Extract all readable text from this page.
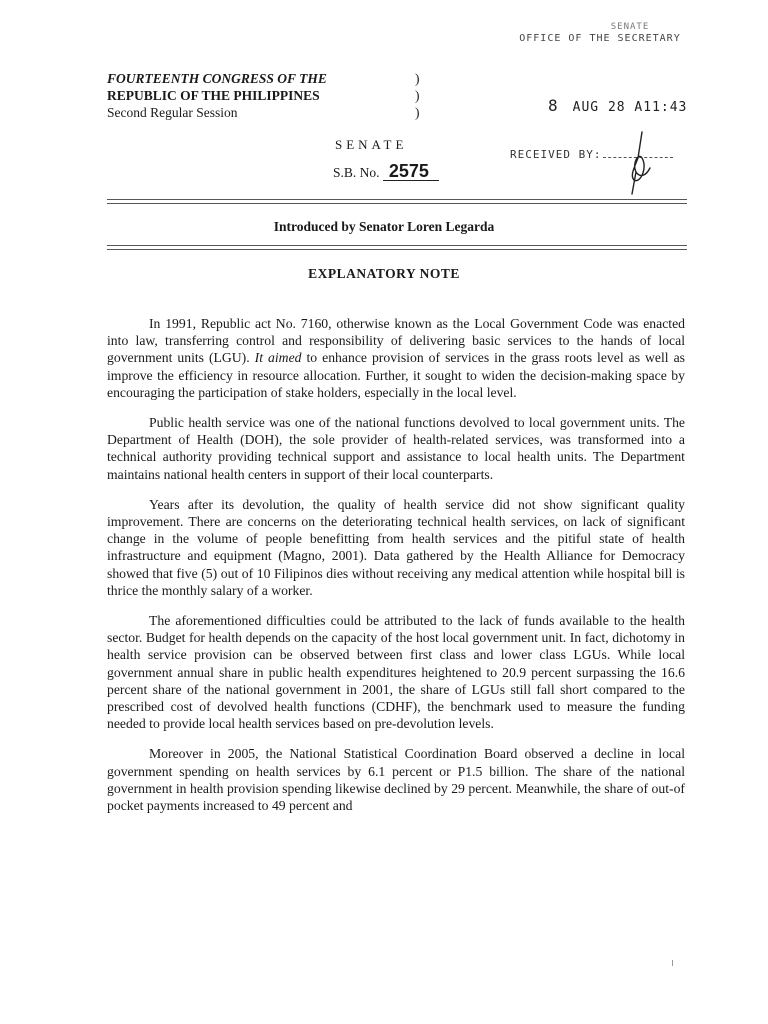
SENATE
OFFICE OF THE SECRETARY
FOURTEENTH CONGRESS OF THE	)
REPUBLIC OF THE PHILIPPINES	)
Second Regular Session	)	8 AUG 28 A11:43
SENATE
S.B. No. 2575
RECEIVED BY:
Introduced by Senator Loren Legarda
EXPLANATORY NOTE

In 1991, Republic act No. 7160, otherwise known as the Local Government Code was enacted into law, transferring control and responsibility of delivering basic services to the hands of local government units (LGU). It aimed to enhance provision of services in the grass roots level as well as improve the efficiency in resource allocation. Further, it sought to widen the decision-making space by encouraging the participation of stake holders, especially in the local level.

Public health service was one of the national functions devolved to local government units. The Department of Health (DOH), the sole provider of health-related services, was transformed into a technical authority providing technical support and assistance to local health units. The Department maintains national health centers in support of their local counterparts.

Years after its devolution, the quality of health service did not show significant quality improvement. There are concerns on the deteriorating technical health services, on lack of significant change in the volume of people benefitting from health services and the pitiful state of health infrastructure and equipment (Magno, 2001). Data gathered by the Health Alliance for Democracy showed that five (5) out of 10 Filipinos dies without receiving any medical attention while hospital bill is thrice the monthly salary of a worker.

The aforementioned difficulties could be attributed to the lack of funds available to the health sector. Budget for health depends on the capacity of the host local government unit. In fact, dichotomy in health service provision can be observed between first class and lower class LGUs. While local government annual share in public health expenditures heightened to 20.9 percent surpassing the 16.6 percent share of the national government in 2001, the share of LGUs still fall short compared to the prescribed cost of devolved health functions (CDHF), the benchmark used to measure the funding needed to provide local health services based on pre-devolution levels.

Moreover in 2005, the National Statistical Coordination Board observed a decline in local government spending on health services by 6.1 percent or P1.5 billion. The share of the national government in health provision spending likewise declined by 29 percent. Meanwhile, the share of out-of pocket payments increased to 49 percent and
